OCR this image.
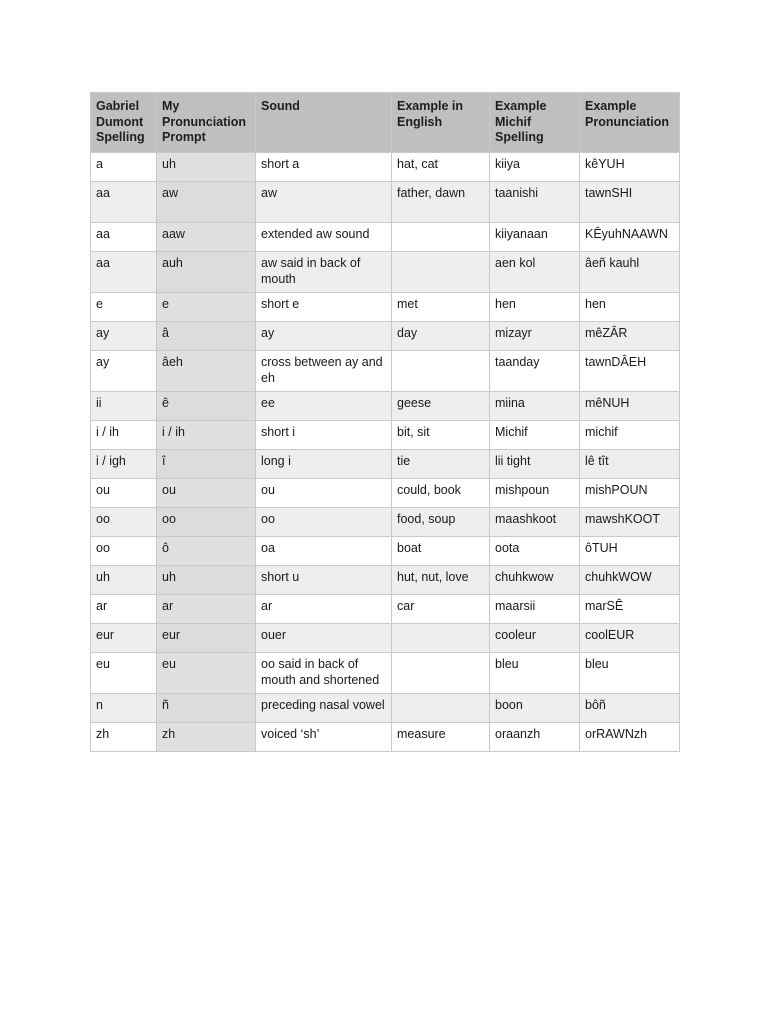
Gabriel Dumont Spelling	My Pronunciation Prompt	Sound	Example in English	Example Michif Spelling	Example Pronunciation
a	uh	short a	hat, cat	kiiya	kêYUH
aa	aw	aw	father, dawn	taanishi	tawnSHI
aa	aaw	extended aw sound		kiiyanaan	KÊyuhNAAWN
aa	auh	aw said in back of mouth		aen kol	âeñ kauhl
e	e	short e	met	hen	hen
ay	â	ay	day	mizayr	mêZÂR
ay	âeh	cross between ay and eh		taanday	tawnDÂEH
ii	ê	ee	geese	miina	mêNUH
i / ih	i / ih	short i	bit, sit	Michif	michif
i / igh	î	long i	tie	lii tight	lê tît
ou	ou	ou	could, book	mishpoun	mishPOUN
oo	oo	oo	food, soup	maashkoot	mawshKOOT
oo	ô	oa	boat	oota	ôTUH
uh	uh	short u	hut, nut, love	chuhkwow	chuhkWOW
ar	ar	ar	car	maarsii	marSÊ
eur	eur	ouer		cooleur	coolEUR
eu	eu	oo said in back of mouth and shortened		bleu	bleu
n	ñ	preceding nasal vowel		boon	bôñ
zh	zh	voiced ‘sh’	measure	oraanzh	orRAWNzh
